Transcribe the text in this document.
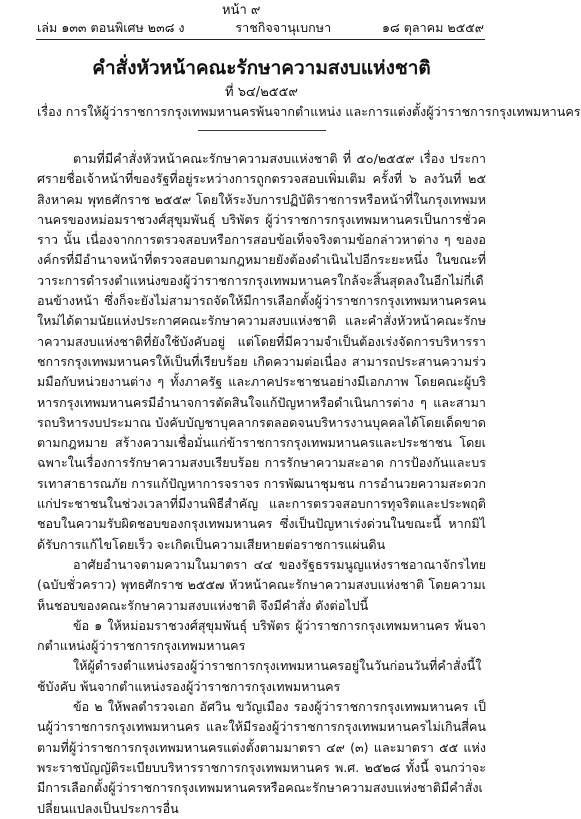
หน้า ๙
เล่ม ๑๓๓ ตอนพิเศษ ๒๓๘ ง	ราชกิจจานุเบกษา	๑๘ ตุลาคม ๒๕๕๙
คำสั่งหัวหน้าคณะรักษาความสงบแห่งชาติ
ที่ ๖๔/๒๕๕๙
เรื่อง การให้ผู้ว่าราชการกรุงเทพมหานครพ้นจากตำแหน่ง และการแต่งตั้งผู้ว่าราชการกรุงเทพมหานคร

ตามที่มีคำสั่งหัวหน้าคณะรักษาความสงบแห่งชาติ ที่ ๕๐/๒๕๕๙ เรื่อง ประกาศรายชื่อเจ้าหน้าที่ของรัฐที่อยู่ระหว่างการถูกตรวจสอบเพิ่มเติม ครั้งที่ ๖ ลงวันที่ ๒๕ สิงหาคม พุทธศักราช ๒๕๕๙ โดยให้ระงับการปฏิบัติราชการหรือหน้าที่ในกรุงเทพมหานครของหม่อมราชวงศ์สุขุมพันธุ์ บริพัตร ผู้ว่าราชการกรุงเทพมหานครเป็นการชั่วคราว นั้น เนื่องจากการตรวจสอบหรือการสอบข้อเท็จจริงตามข้อกล่าวหาต่าง ๆ ขององค์กรที่มีอำนาจหน้าที่ตรวจสอบตามกฎหมายยังต้องดำเนินไปอีกระยะหนึ่ง ในขณะที่วาระการดำรงตำแหน่งของผู้ว่าราชการกรุงเทพมหานครใกล้จะสิ้นสุดลงในอีกไม่กี่เดือนข้างหน้า ซึ่งก็จะยังไม่สามารถจัดให้มีการเลือกตั้งผู้ว่าราชการกรุงเทพมหานครคนใหม่ได้ตามนัยแห่งประกาศคณะรักษาความสงบแห่งชาติ และคำสั่งหัวหน้าคณะรักษาความสงบแห่งชาติที่ยังใช้บังคับอยู่ แต่โดยที่มีความจำเป็นต้องเร่งจัดการบริหารราชการกรุงเทพมหานครให้เป็นที่เรียบร้อย เกิดความต่อเนื่อง สามารถประสานความร่วมมือกับหน่วยงานต่าง ๆ ทั้งภาครัฐ และภาคประชาชนอย่างมีเอกภาพ โดยคณะผู้บริหารกรุงเทพมหานครมีอำนาจการตัดสินใจแก้ปัญหาหรือดำเนินการต่าง ๆ และสามารถบริหารงบประมาณ บังคับบัญชาบุคลากรตลอดจนบริหารงานบุคคลได้โดยเด็ดขาดตามกฎหมาย สร้างความเชื่อมั่นแก่ข้าราชการกรุงเทพมหานครและประชาชน โดยเฉพาะในเรื่องการรักษาความสงบเรียบร้อย การรักษาความสะอาด การป้องกันและบรรเทาสาธารณภัย การแก้ปัญหาการจราจร การพัฒนาชุมชน การอำนวยความสะดวกแก่ประชาชนในช่วงเวลาที่มีงานพิธีสำคัญ และการตรวจสอบการทุจริตและประพฤติชอบในความรับผิดชอบของกรุงเทพมหานคร ซึ่งเป็นปัญหาเร่งด่วนในขณะนี้ หากมิได้รับการแก้ไขโดยเร็ว จะเกิดเป็นความเสียหายต่อราชการแผ่นดิน

อาศัยอำนาจตามความในมาตรา ๔๔ ของรัฐธรรมนูญแห่งราชอาณาจักรไทย (ฉบับชั่วคราว) พุทธศักราช ๒๕๕๗ หัวหน้าคณะรักษาความสงบแห่งชาติ โดยความเห็นชอบของคณะรักษาความสงบแห่งชาติ จึงมีคำสั่ง ดังต่อไปนี้

ข้อ ๑ ให้หม่อมราชวงศ์สุขุมพันธุ์ บริพัตร ผู้ว่าราชการกรุงเทพมหานคร พ้นจากตำแหน่งผู้ว่าราชการกรุงเทพมหานคร

ให้ผู้ดำรงตำแหน่งรองผู้ว่าราชการกรุงเทพมหานครอยู่ในวันก่อนวันที่คำสั่งนี้ใช้บังคับ พ้นจากตำแหน่งรองผู้ว่าราชการกรุงเทพมหานคร

ข้อ ๒ ให้พลตำรวจเอก อัศวิน ขวัญเมือง รองผู้ว่าราชการกรุงเทพมหานคร เป็นผู้ว่าราชการกรุงเทพมหานคร และให้มีรองผู้ว่าราชการกรุงเทพมหานครไม่เกินสี่คนตามที่ผู้ว่าราชการกรุงเทพมหานครแต่งตั้งตามมาตรา ๔๙ (๓) และมาตรา ๕๕ แห่งพระราชบัญญัติระเบียบบริหารราชการกรุงเทพมหานคร พ.ศ. ๒๕๒๘ ทั้งนี้ จนกว่าจะมีการเลือกตั้งผู้ว่าราชการกรุงเทพมหานครหรือคณะรักษาความสงบแห่งชาติมีคำสั่งเปลี่ยนแปลงเป็นประการอื่น
